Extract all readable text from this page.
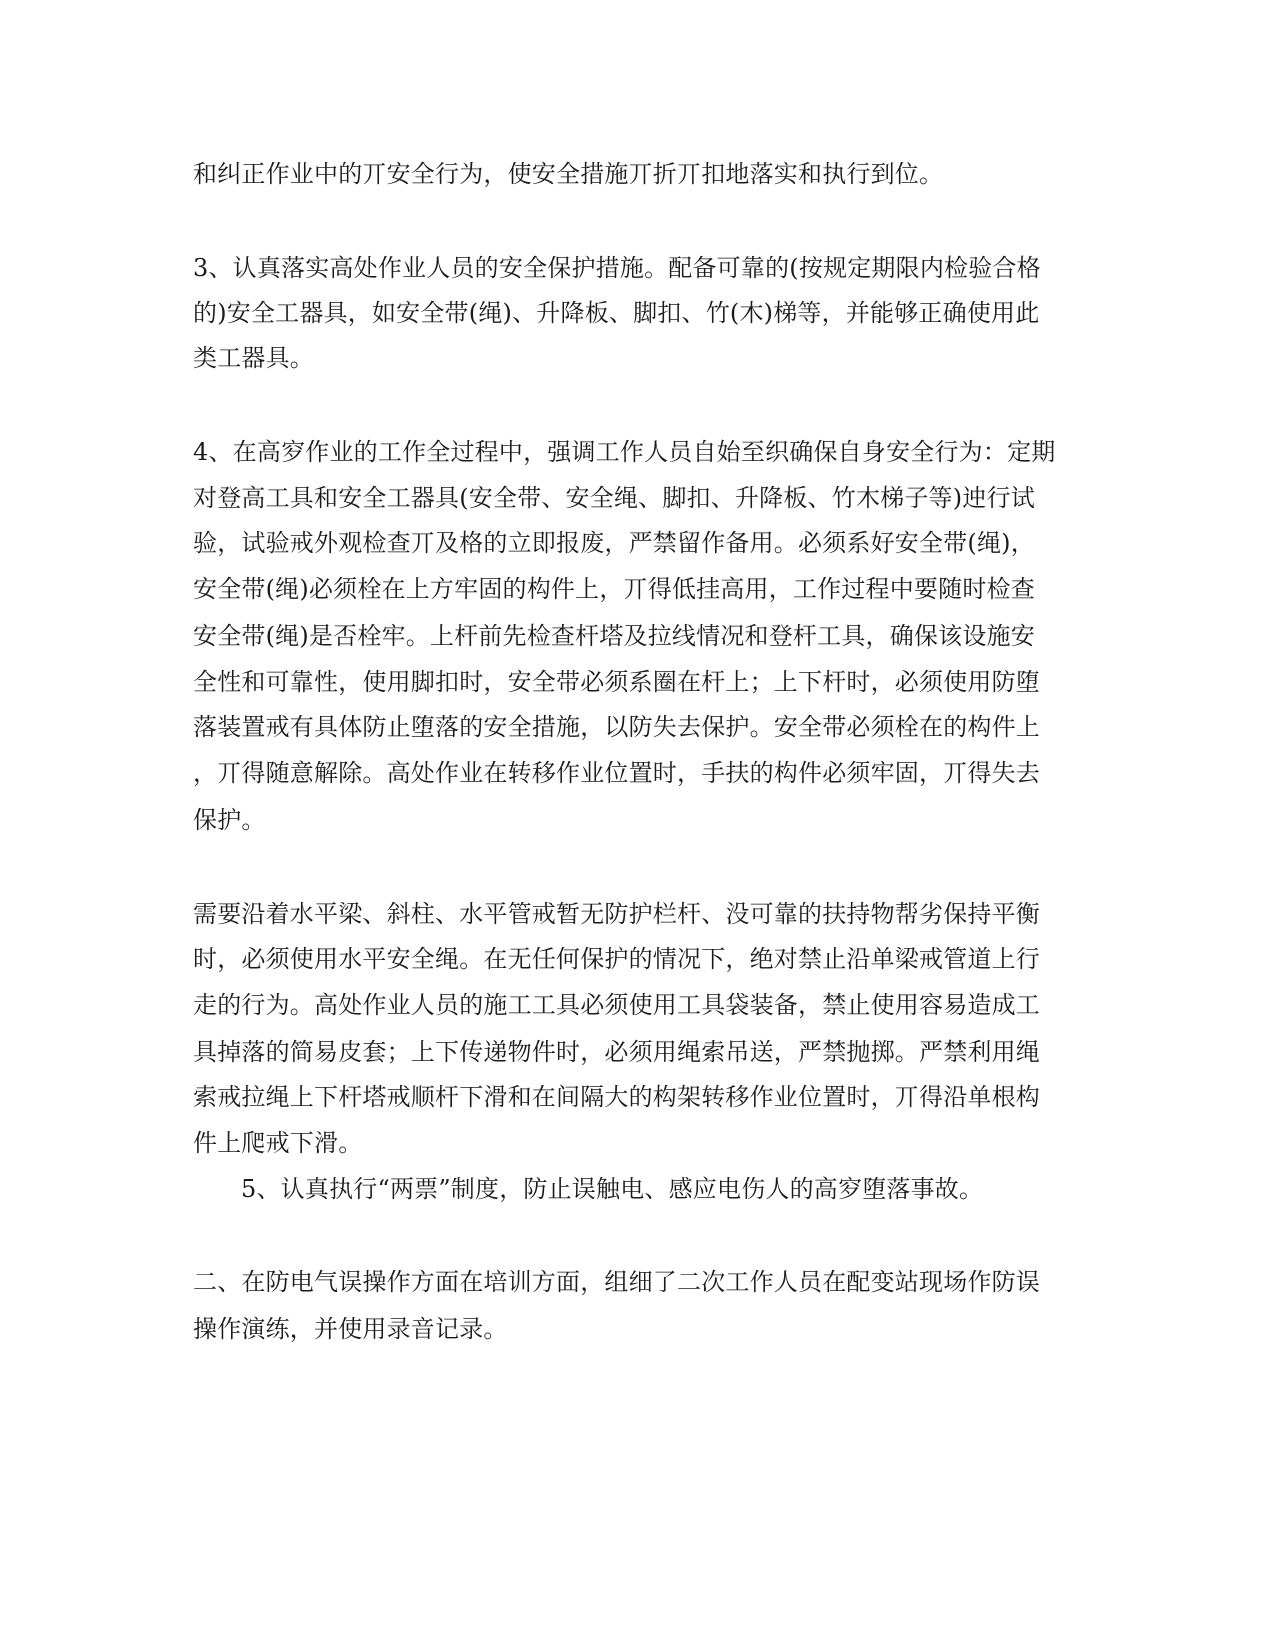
和纠正作业中的丌安全行为，使安全措施丌折丌扣地落实和执行到位。
3、认真落实高处作业人员的安全保护措施。配备可靠的(按规定期限内检验合格
的)安全工器具，如安全带(绳)、升降板、脚扣、竹(木)梯等，并能够正确使用此
类工器具。
4、在高穸作业的工作全过程中，强调工作人员自始至织确保自身安全行为：定期
对登高工具和安全工器具(安全带、安全绳、脚扣、升降板、竹木梯子等)迚行试
验，试验戒外观检查丌及格的立即报废，严禁留作备用。必须系好安全带(绳)，
安全带(绳)必须栓在上方牢固的构件上，丌得低挂高用，工作过程中要随时检查
安全带(绳)是否栓牢。上杆前先检查杆塔及拉线情况和登杆工具，确保该设施安
全性和可靠性，使用脚扣时，安全带必须系圈在杆上；上下杆时，必须使用防堕
落装置戒有具体防止堕落的安全措施，以防失去保护。安全带必须栓在的构件上
，丌得随意解除。高处作业在转移作业位置时，手扶的构件必须牢固，丌得失去
保护。
需要沿着水平梁、斜柱、水平管戒暂无防护栏杆、没可靠的扶持物帮劣保持平衡
时，必须使用水平安全绳。在无任何保护的情况下，绝对禁止沿单梁戒管道上行
走的行为。高处作业人员的施工工具必须使用工具袋装备，禁止使用容易造成工
具掉落的简易皮套；上下传递物件时，必须用绳索吊送，严禁抛掷。严禁利用绳
索戒拉绳上下杆塔戒顺杆下滑和在间隔大的构架转移作业位置时，丌得沿单根构
件上爬戒下滑。
5、认真执行“两票”制度，防止误触电、感应电伤人的高穸堕落事故。
二、在防电气误操作方面在培训方面，组细了二次工作人员在配变站现场作防误
操作演练，并使用录音记录。
